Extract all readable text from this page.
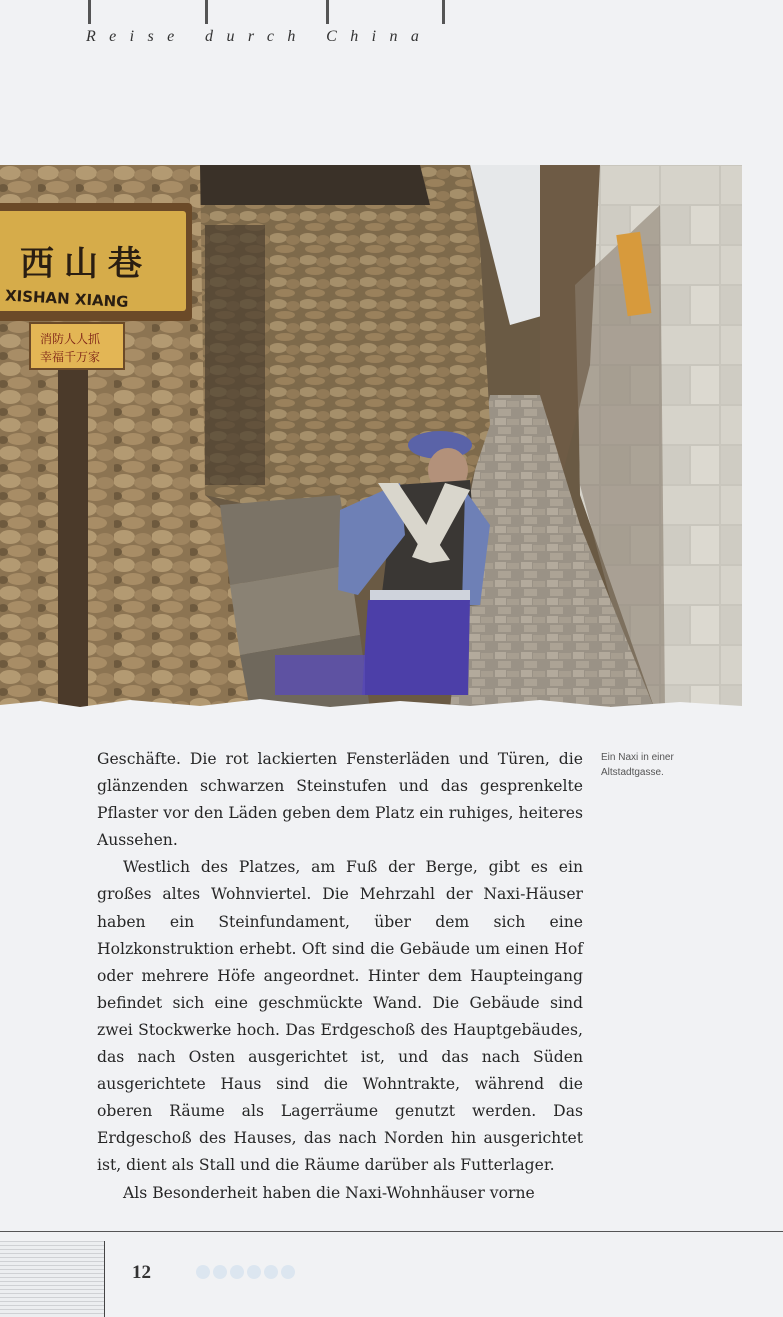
Reise durch China
西山巷
XISHAN XIANG
消防人人抓
幸福千万家
Ein Naxi in einer Altstadtgasse.

Geschäfte. Die rot lackierten Fensterläden und Türen, die glänzenden schwarzen Steinstufen und das gesprenkelte Pflaster vor den Läden geben dem Platz ein ruhiges, heiteres Aussehen.

Westlich des Platzes, am Fuß der Berge, gibt es ein großes altes Wohnviertel. Die Mehrzahl der Naxi-Häuser haben ein Steinfundament, über dem sich eine Holzkonstruktion erhebt. Oft sind die Gebäude um einen Hof oder mehrere Höfe angeordnet. Hinter dem Haupteingang befindet sich eine geschmückte Wand. Die Gebäude sind zwei Stockwerke hoch. Das Erdgeschoß des Hauptgebäudes, das nach Osten ausgerichtet ist, und das nach Süden ausgerichtete Haus sind die Wohntrakte, während die oberen Räume als Lagerräume genutzt werden. Das Erdgeschoß des Hauses, das nach Norden hin ausgerichtet ist, dient als Stall und die Räume darüber als Futterlager.

Als Besonderheit haben die Naxi-Wohnhäuser vorne

12
